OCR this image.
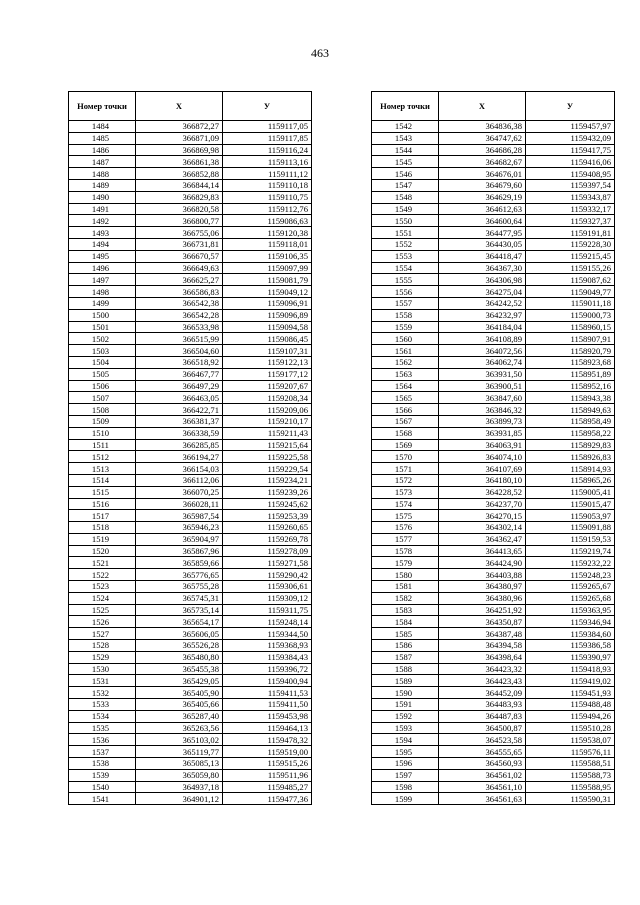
463
Номер точки	Х	У
1484	366872,27	1159117,05
1485	366871,09	1159117,85
1486	366869,98	1159116,24
1487	366861,38	1159113,16
1488	366852,88	1159111,12
1489	366844,14	1159110,18
1490	366829,83	1159110,75
1491	366820,58	1159112,76
1492	366800,77	1159086,63
1493	366755,06	1159120,38
1494	366731,81	1159118,01
1495	366670,57	1159106,35
1496	366649,63	1159097,99
1497	366625,27	1159081,79
1498	366586,83	1159049,12
1499	366542,38	1159096,91
1500	366542,28	1159096,89
1501	366533,98	1159094,58
1502	366515,99	1159086,45
1503	366504,60	1159107,31
1504	366518,92	1159122,13
1505	366467,77	1159177,12
1506	366497,29	1159207,67
1507	366463,05	1159208,34
1508	366422,71	1159209,06
1509	366381,37	1159210,17
1510	366338,59	1159211,43
1511	366285,85	1159215,64
1512	366194,27	1159225,58
1513	366154,03	1159229,54
1514	366112,06	1159234,21
1515	366070,25	1159239,26
1516	366028,11	1159245,62
1517	365987,54	1159253,39
1518	365946,23	1159260,65
1519	365904,97	1159269,78
1520	365867,96	1159278,09
1521	365859,66	1159271,58
1522	365776,65	1159290,42
1523	365755,28	1159306,61
1524	365745,31	1159309,12
1525	365735,14	1159311,75
1526	365654,17	1159248,14
1527	365606,05	1159344,50
1528	365526,28	1159368,93
1529	365480,80	1159384,43
1530	365455,38	1159396,72
1531	365429,05	1159400,94
1532	365405,90	1159411,53
1533	365405,66	1159411,50
1534	365287,40	1159453,98
1535	365263,56	1159464,13
1536	365103,02	1159478,32
1537	365119,77	1159519,00
1538	365085,13	1159515,26
1539	365059,80	1159511,96
1540	364937,18	1159485,27
1541	364901,12	1159477,36
Номер точки	Х	У
1542	364836,38	1159457,97
1543	364747,62	1159432,09
1544	364686,28	1159417,75
1545	364682,67	1159416,06
1546	364676,01	1159408,95
1547	364679,60	1159397,54
1548	364629,19	1159343,87
1549	364612,63	1159332,17
1550	364600,64	1159327,37
1551	364477,95	1159191,81
1552	364430,05	1159228,30
1553	364418,47	1159215,45
1554	364367,30	1159155,26
1555	364306,98	1159087,62
1556	364275,04	1159049,77
1557	364242,52	1159011,18
1558	364232,97	1159000,73
1559	364184,04	1158960,15
1560	364108,89	1158907,91
1561	364072,56	1158920,79
1562	364062,74	1158923,68
1563	363931,50	1158951,89
1564	363900,51	1158952,16
1565	363847,60	1158943,38
1566	363846,32	1158949,63
1567	363899,73	1158958,49
1568	363931,85	1158958,22
1569	364063,91	1158929,83
1570	364074,10	1158926,83
1571	364107,69	1158914,93
1572	364180,10	1158965,26
1573	364228,52	1159005,41
1574	364237,70	1159015,47
1575	364270,15	1159053,97
1576	364302,14	1159091,88
1577	364362,47	1159159,53
1578	364413,65	1159219,74
1579	364424,90	1159232,22
1580	364403,88	1159248,23
1581	364380,97	1159265,67
1582	364380,96	1159265,68
1583	364251,92	1159363,95
1584	364350,87	1159346,94
1585	364387,48	1159384,60
1586	364394,58	1159386,58
1587	364398,64	1159390,97
1588	364423,32	1159418,93
1589	364423,43	1159419,02
1590	364452,09	1159451,93
1591	364483,93	1159488,48
1592	364487,83	1159494,26
1593	364500,87	1159510,28
1594	364523,58	1159538,07
1595	364555,65	1159576,11
1596	364560,93	1159588,51
1597	364561,02	1159588,73
1598	364561,10	1159588,95
1599	364561,63	1159590,31
